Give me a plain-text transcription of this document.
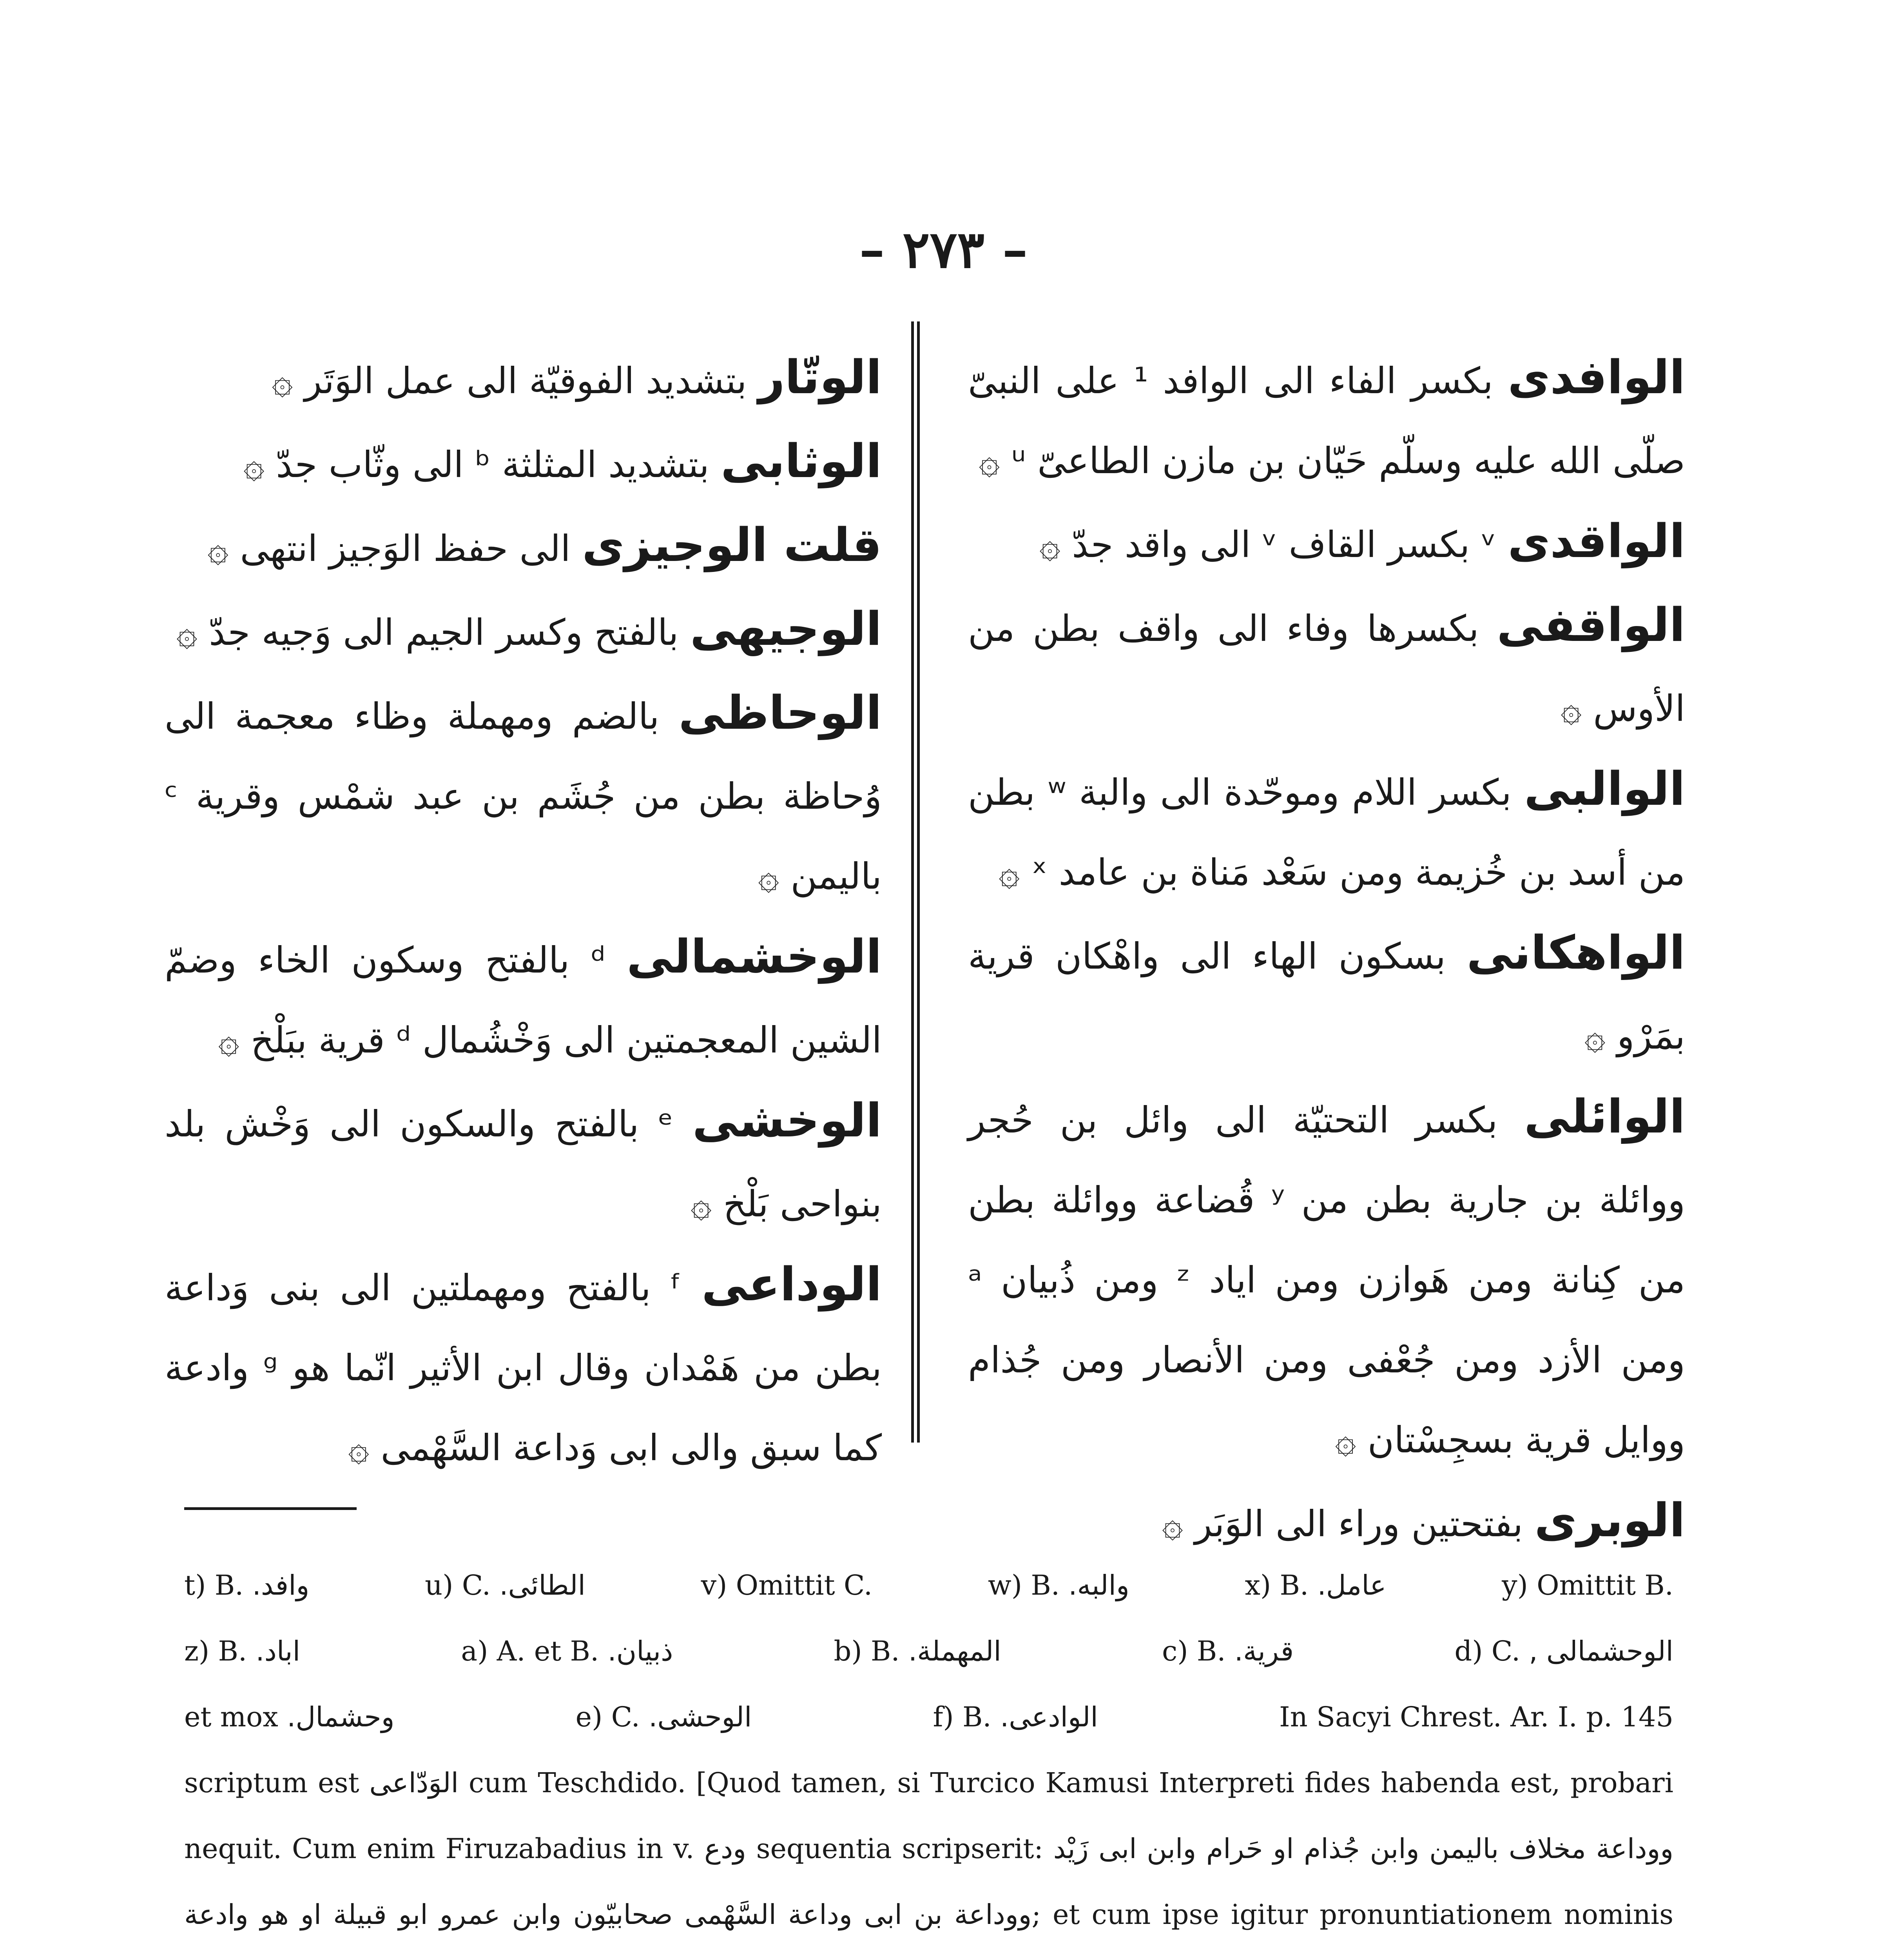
– ٢٧٣ –

الوافدى بكسر الفاء الى الوافد ¹ على النبىّ صلّى الله عليه وسلّم حَيّان بن مازن الطاعىّ ᵘ ۞

الواقدى ᵛ بكسر القاف ᵛ الى واقد جدّ ۞

الواقفى بكسرها وفاء الى واقف بطن من الأوس ۞

الوالبى بكسر اللام وموحّدة الى والبة ʷ بطن من أسد بن خُزيمة ومن سَعْد مَناة بن عامد ˣ ۞

الواهكانى بسكون الهاء الى واهْكان قرية بمَرْو ۞

الوائلى بكسر التحتيّة الى وائل بن حُجر ووائلة بن جارية بطن من ʸ قُضاعة ووائلة بطن من كِنانة ومن هَوازن ومن اياد ᶻ ومن ذُبيان ᵃ ومن الأزد ومن جُعْفى ومن الأنصار ومن جُذام ووايل قرية بسجِسْتان ۞

الوبرى بفتحتين وراء الى الوَبَر ۞

الوتّار بتشديد الفوقيّة الى عمل الوَتَر ۞

الوثابى بتشديد المثلثة ᵇ الى وثّاب جدّ ۞

قلت الوجيزى الى حفظ الوَجيز انتهى ۞

الوجيهى بالفتح وكسر الجيم الى وَجيه جدّ ۞

الوحاظى بالضم ومهملة وظاء معجمة الى وُحاظة بطن من جُشَم بن عبد شمْس وقرية ᶜ باليمن ۞

الوخشمالى ᵈ بالفتح وسكون الخاء وضمّ الشين المعجمتين الى وَخْشُمال ᵈ قرية ببَلْخ ۞

الوخشى ᵉ بالفتح والسكون الى وَخْش بلد بنواحى بَلْخ ۞

الوداعى ᶠ بالفتح ومهملتين الى بنى وَداعة بطن من هَمْدان وقال ابن الأثير انّما هو ᵍ وادعة كما سبق والى ابى وَداعة السَّهْمى ۞

t) B. وافد.	u) C. الطائى.	v) Omittit C.	w) B. والبه.	x) B. عامل.	y) Omittit B.
z) B. اباد.	a) A. et B. ذبيان.	b) B. المهملة.	c) B. قرية.	d) C. الوحشمالى ,
et mox وحشمال.	e) C. الوحشى.	f) B. الوادعى.	In Sacyi Chrest. Ar. I. p. 145

scriptum est الوَدّاعى cum Teschdido. [Quod tamen, si Turcico Kamusi Interpreti fides habenda est, probari nequit. Cum enim Firuzabadius in v. ودع sequentia scripserit: ووداعة مخلاف باليمن وابن جُذام او حَرام وابن ابى زَيْد ووداعة بن ابى وداعة السَّهْمى صحابيّون وابن عمرو ابو قبيلة او هو وادعة; et cum ipse igitur pronuntiationem nominis
